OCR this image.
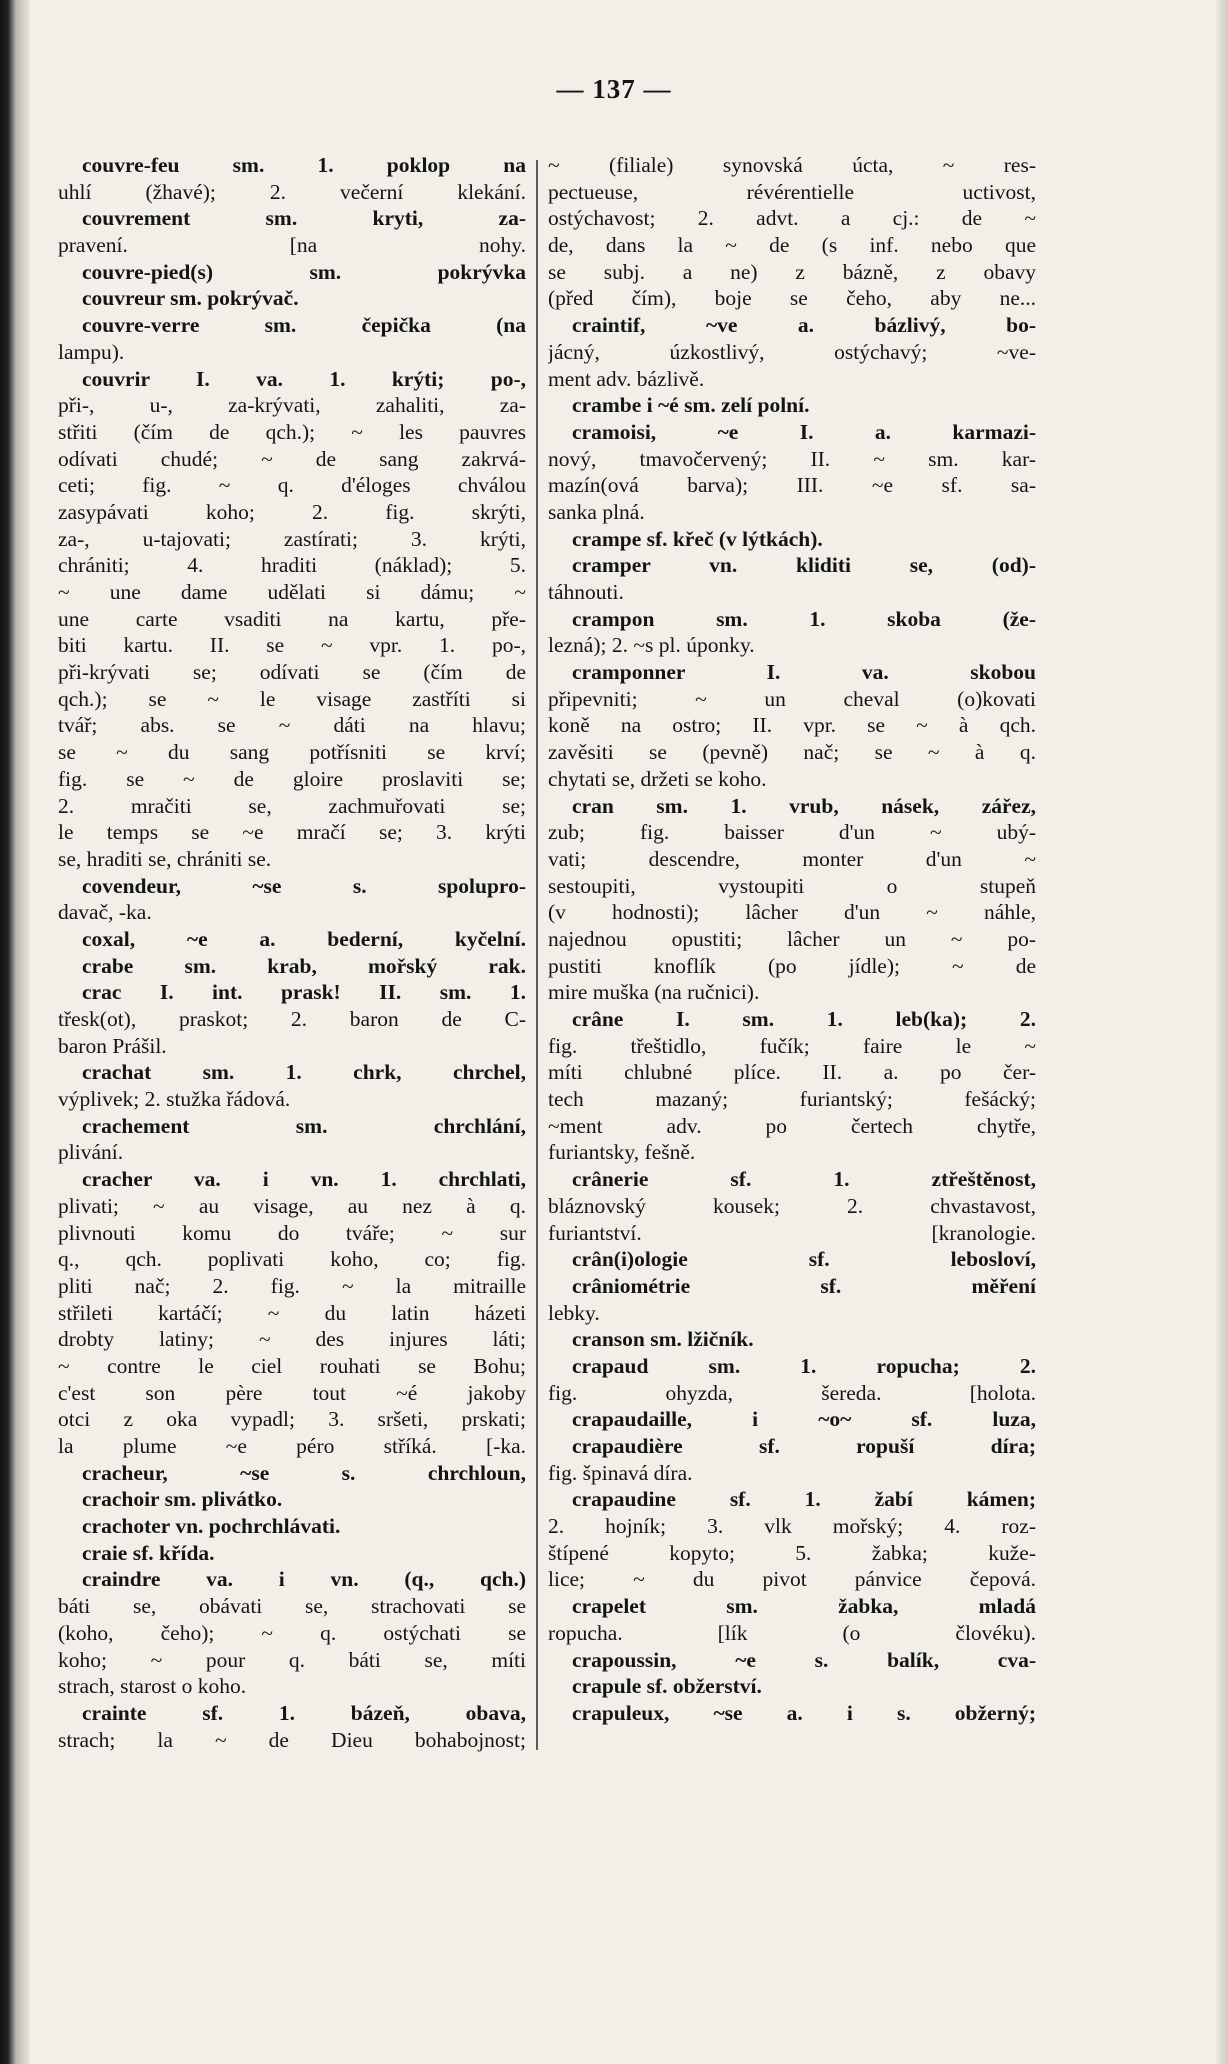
— 137 —
couvre-feu sm. 1. poklop na
uhlí (žhavé); 2. večerní klekání.
couvrement sm. kryti, za-
pravení. [na nohy.
couvre-pied(s) sm. pokrývka
couvreur sm. pokrývač.
couvre-verre sm. čepička (na
lampu).
couvrir I. va. 1. krýti; po-,
při-, u-, za-krývati, zahaliti, za-
střiti (čím de qch.); ~ les pauvres
odívati chudé; ~ de sang zakrvá-
ceti; fig. ~ q. d'éloges chválou
zasypávati koho; 2. fig. skrýti,
za-, u-tajovati; zastírati; 3. krýti,
chrániti; 4. hraditi (náklad); 5.
~ une dame udělati si dámu; ~
une carte vsaditi na kartu, pře-
biti kartu. II. se ~ vpr. 1. po-,
při-krývati se; odívati se (čím de
qch.); se ~ le visage zastříti si
tvář; abs. se ~ dáti na hlavu;
se ~ du sang potřísniti se krví;
fig. se ~ de gloire proslaviti se;
2. mračiti se, zachmuřovati se;
le temps se ~e mračí se; 3. krýti
se, hraditi se, chrániti se.
covendeur, ~se s. spolupro-
davač, -ka.
coxal, ~e a. bederní, kyčelní.
crabe sm. krab, mořský rak.
crac I. int. prask! II. sm. 1.
třesk(ot), praskot; 2. baron de C-
baron Prášil.
crachat sm. 1. chrk, chrchel,
výplivek; 2. stužka řádová.
crachement sm. chrchlání,
plivání.
cracher va. i vn. 1. chrchlati,
plivati; ~ au visage, au nez à q.
plivnouti komu do tváře; ~ sur
q., qch. poplivati koho, co; fig.
pliti nač; 2. fig. ~ la mitraille
střileti kartáčí; ~ du latin házeti
drobty latiny; ~ des injures láti;
~ contre le ciel rouhati se Bohu;
c'est son père tout ~é jakoby
otci z oka vypadl; 3. sršeti, prskati;
la plume ~e péro stříká. [-ka.
cracheur, ~se s. chrchloun,
crachoir sm. plivátko.
crachoter vn. pochrchlávati.
craie sf. křída.
craindre va. i vn. (q., qch.)
báti se, obávati se, strachovati se
(koho, čeho); ~ q. ostýchati se
koho; ~ pour q. báti se, míti
strach, starost o koho.
crainte sf. 1. bázeň, obava,
strach; la ~ de Dieu bohabojnost;
~ (filiale) synovská úcta, ~ res-
pectueuse, révérentielle uctivost,
ostýchavost; 2. advt. a cj.: de ~
de, dans la ~ de (s inf. nebo que
se subj. a ne) z bázně, z obavy
(před čím), boje se čeho, aby ne...
craintif, ~ve a. bázlivý, bo-
jácný, úzkostlivý, ostýchavý; ~ve-
ment adv. bázlivě.
crambe i ~é sm. zelí polní.
cramoisi, ~e I. a. karmazi-
nový, tmavočervený; II. ~ sm. kar-
mazín(ová barva); III. ~e sf. sa-
sanka plná.
crampe sf. křeč (v lýtkách).
cramper vn. kliditi se, (od)-
táhnouti.
crampon sm. 1. skoba (že-
lezná); 2. ~s pl. úponky.
cramponner I. va. skobou
připevniti; ~ un cheval (o)kovati
koně na ostro; II. vpr. se ~ à qch.
zavěsiti se (pevně) nač; se ~ à q.
chytati se, držeti se koho.
cran sm. 1. vrub, násek, zářez,
zub; fig. baisser d'un ~ ubý-
vati; descendre, monter d'un ~
sestoupiti, vystoupiti o stupeň
(v hodnosti); lâcher d'un ~ náhle,
najednou opustiti; lâcher un ~ po-
pustiti knoflík (po jídle); ~ de
mire muška (na ručnici).
crâne I. sm. 1. leb(ka); 2.
fig. třeštidlo, fučík; faire le ~
míti chlubné plíce. II. a. po čer-
tech mazaný; furiantský; fešácký;
~ment adv. po čertech chytře,
furiantsky, fešně.
crânerie sf. 1. ztřeštěnost,
bláznovský kousek; 2. chvastavost,
furiantství. [kranologie.
crân(i)ologie sf. lebosloví,
crâniométrie sf. měření
lebky.
cranson sm. lžičník.
crapaud sm. 1. ropucha; 2.
fig. ohyzda, šereda. [holota.
crapaudaille, i ~o~ sf. luza,
crapaudière sf. ropuší díra;
fig. špinavá díra.
crapaudine sf. 1. žabí kámen;
2. hojník; 3. vlk mořský; 4. roz-
štípené kopyto; 5. žabka; kuže-
lice; ~ du pivot pánvice čepová.
crapelet sm. žabka, mladá
ropucha. [lík (o človéku).
crapoussin, ~e s. balík, cva-
crapule sf. obžerství.
crapuleux, ~se a. i s. obžerný;
